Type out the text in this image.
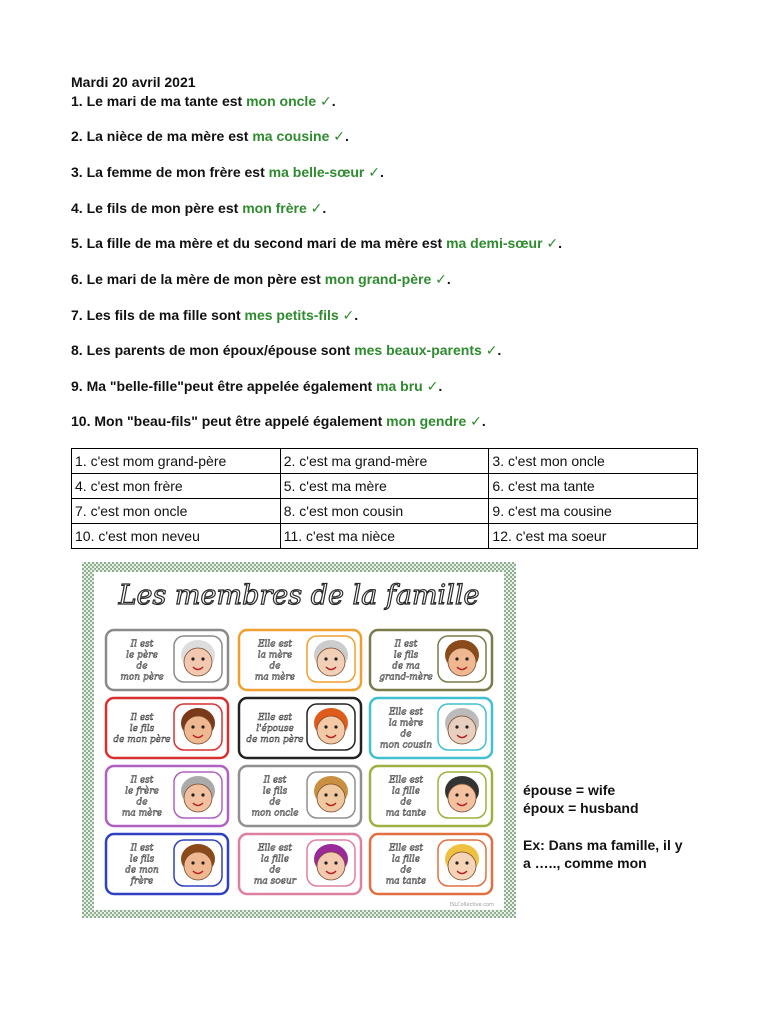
Mardi 20 avril 2021
1. Le mari de ma tante est mon oncle ✓.
2. La nièce de ma mère est ma cousine ✓.
3. La femme de mon frère est ma belle-sœur ✓.
4. Le fils de mon père est mon frère ✓.
5. La fille de ma mère et du second mari de ma mère est ma demi-sœur ✓.
6. Le mari de la mère de mon père est mon grand-père ✓.
7. Les fils de ma fille sont mes petits-fils ✓.
8. Les parents de mon époux/épouse sont mes beaux-parents ✓.
9. Ma "belle-fille"peut être appelée également ma bru ✓.
10. Mon "beau-fils" peut être appelé également mon gendre ✓.
1. c'est mom grand-père	2. c'est ma grand-mère	3. c'est mon oncle
4. c'est mon frère	5. c'est ma mère	6. c'est ma tante
7. c'est mon oncle	8. c'est mon cousin	9. c'est ma cousine
10. c'est mon neveu	11. c'est ma nièce	12. c'est ma soeur
Les membres de la famille
Il est
le père
de
mon père
Elle est
la mère
de
ma mère
Il est
le fils
de ma
grand-mère
Il est
le fils
de mon père
Elle est
l'épouse
de mon père
Elle est
la mère
de
mon cousin
Il est
le frère
de
ma mère
Il est
le fils
de
mon oncle
Elle est
la fille
de
ma tante
Il est
le fils
de mon
frère
Elle est
la fille
de
ma soeur
Elle est
la fille
de
ma tante
ISLCollective.com
épouse = wife
époux = husband
Ex: Dans ma famille, il y
a ….., comme mon
